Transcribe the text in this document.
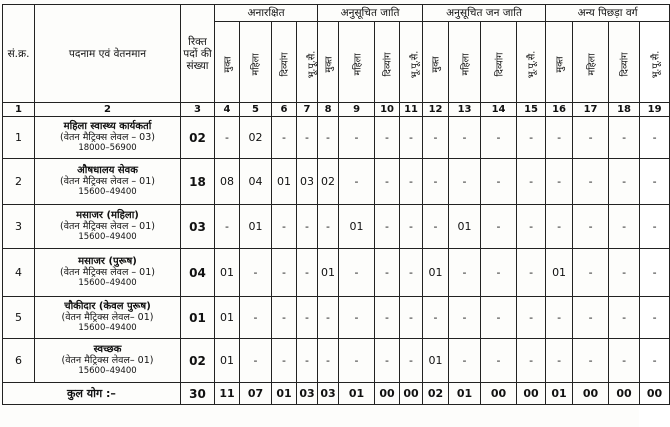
सं.क्र.	पदनाम एवं वेतनमान	रिक्त पदों की संख्या	अनारक्षित				अनुसूचित जाति				अनुसूचित जन जाति				अन्य पिछड़ा वर्ग			
			मुक्त	महिला	दिव्यांग	भू.पू.सै.	मुक्त	महिला	दिव्यांग	भू.पू.सै.	मुक्त	महिला	दिव्यांग	भू.पू.सै.	मुक्त	महिला	दिव्यांग	भू.पू.सै.
1	2	3	4	5	6	7	8	9	10	11	12	13	14	15	16	17	18	19
1	महिला स्वास्थ्य कार्यकर्ता
(वेतन मैट्रिक्स लेवल – 03)
18000–56900	02	-	02	-	-	-	-	-	-	-	-	-	-	-	-	-	-
2	औषधालय सेवक
(वेतन मैट्रिक्स लेवल – 01)
15600–49400	18	08	04	01	03	02	-	-	-	-	-	-	-	-	-	-	-
3	मसाजर (महिला)
(वेतन मैट्रिक्स लेवल – 01)
15600–49400	03	-	01	-	-	-	01	-	-	-	01	-	-	-	-	-	-
4	मसाजर (पुरूष)
(वेतन मैट्रिक्स लेवल – 01)
15600–49400	04	01	-	-	-	01	-	-	-	01	-	-	-	01	-	-	-
5	चौकीदार (केवल पुरूष)
(वेतन मैट्रिक्स लेवल– 01)
15600–49400	01	01	-	-	-	-	-	-	-	-	-	-	-	-	-	-	-
6	स्वच्छक
(वेतन मैट्रिक्स लेवल– 01)
15600–49400	02	01	-	-	-	-	-	-	-	01	-	-	-	-	-	-	-
कुल योग :–		30	11	07	01	03	03	01	00	00	02	01	00	00	01	00	00	00
